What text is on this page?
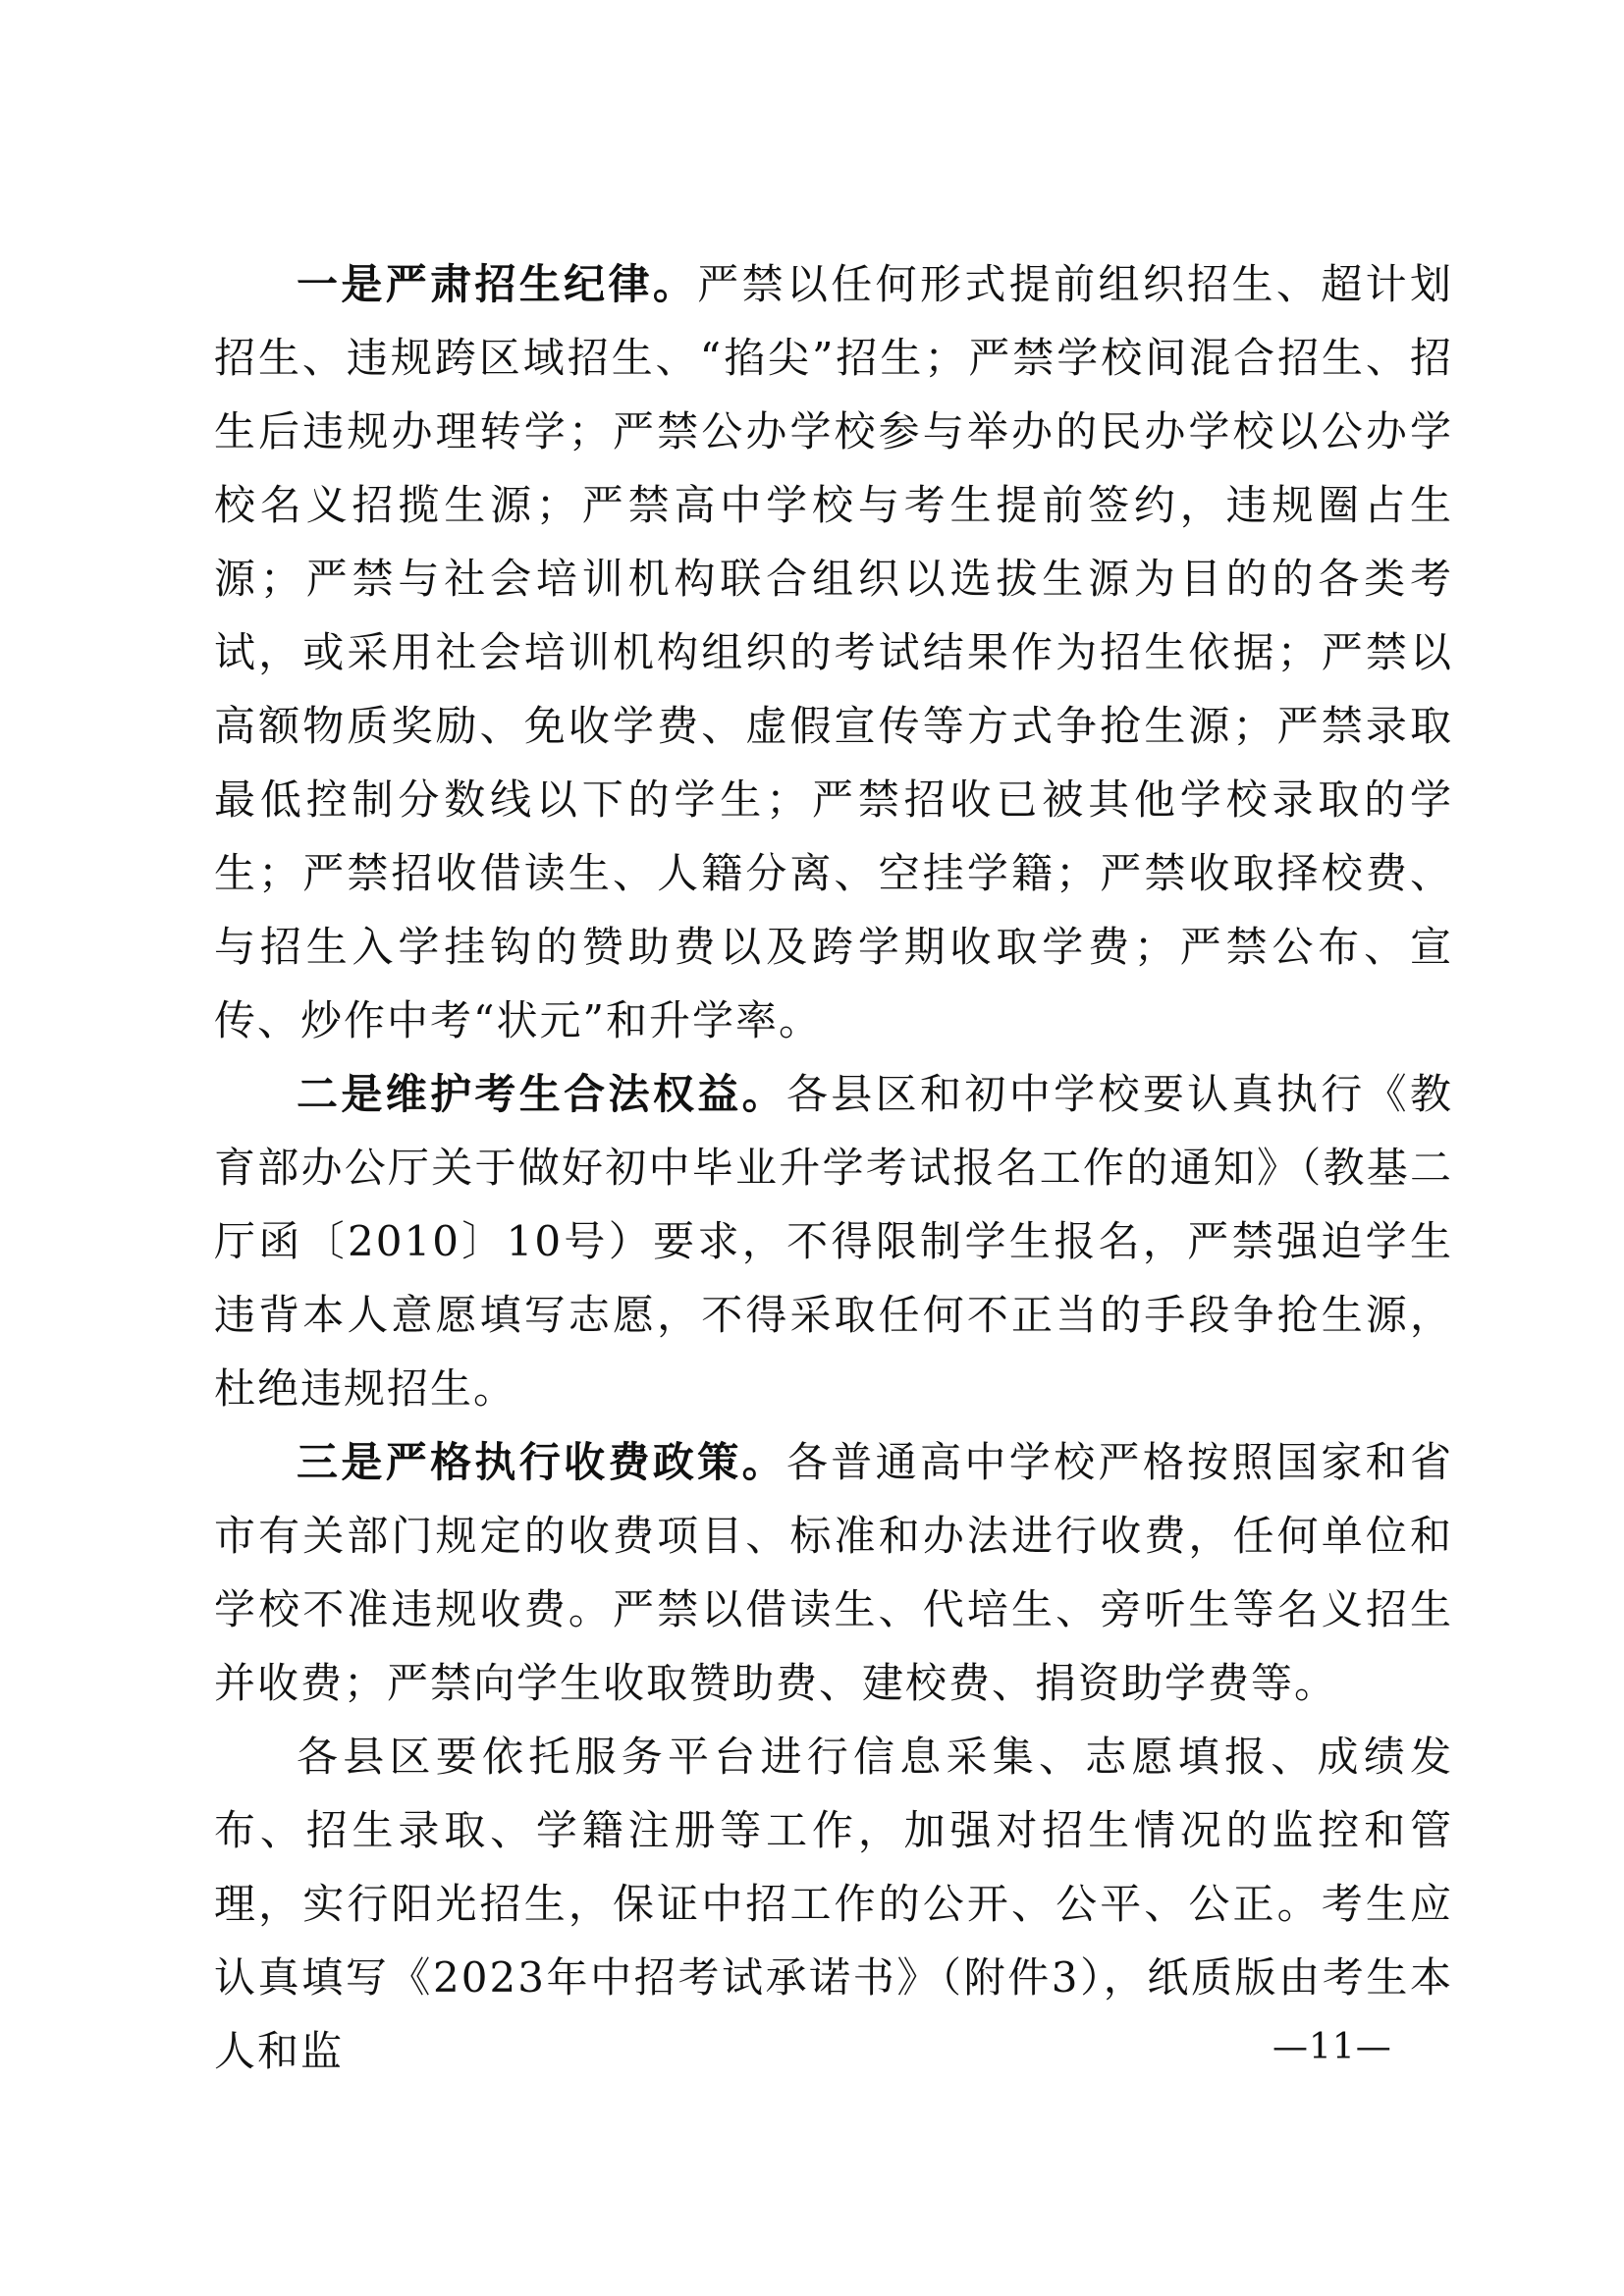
一是严肃招生纪律。严禁以任何形式提前组织招生、超计划招生、违规跨区域招生、“掐尖”招生；严禁学校间混合招生、招生后违规办理转学；严禁公办学校参与举办的民办学校以公办学校名义招揽生源；严禁高中学校与考生提前签约，违规圈占生源；严禁与社会培训机构联合组织以选拔生源为目的的各类考试，或采用社会培训机构组织的考试结果作为招生依据；严禁以高额物质奖励、免收学费、虚假宣传等方式争抢生源；严禁录取最低控制分数线以下的学生；严禁招收已被其他学校录取的学生；严禁招收借读生、人籍分离、空挂学籍；严禁收取择校费、与招生入学挂钩的赞助费以及跨学期收取学费；严禁公布、宣传、炒作中考“状元”和升学率。

二是维护考生合法权益。各县区和初中学校要认真执行《教育部办公厅关于做好初中毕业升学考试报名工作的通知》（教基二厅函〔2010〕10号）要求，不得限制学生报名，严禁强迫学生违背本人意愿填写志愿，不得采取任何不正当的手段争抢生源，杜绝违规招生。

三是严格执行收费政策。各普通高中学校严格按照国家和省市有关部门规定的收费项目、标准和办法进行收费，任何单位和学校不准违规收费。严禁以借读生、代培生、旁听生等名义招生并收费；严禁向学生收取赞助费、建校费、捐资助学费等。

各县区要依托服务平台进行信息采集、志愿填报、成绩发布、招生录取、学籍注册等工作，加强对招生情况的监控和管理，实行阳光招生，保证中招工作的公开、公平、公正。考生应认真填写《2023年中招考试承诺书》（附件3），纸质版由考生本人和监	—11—
